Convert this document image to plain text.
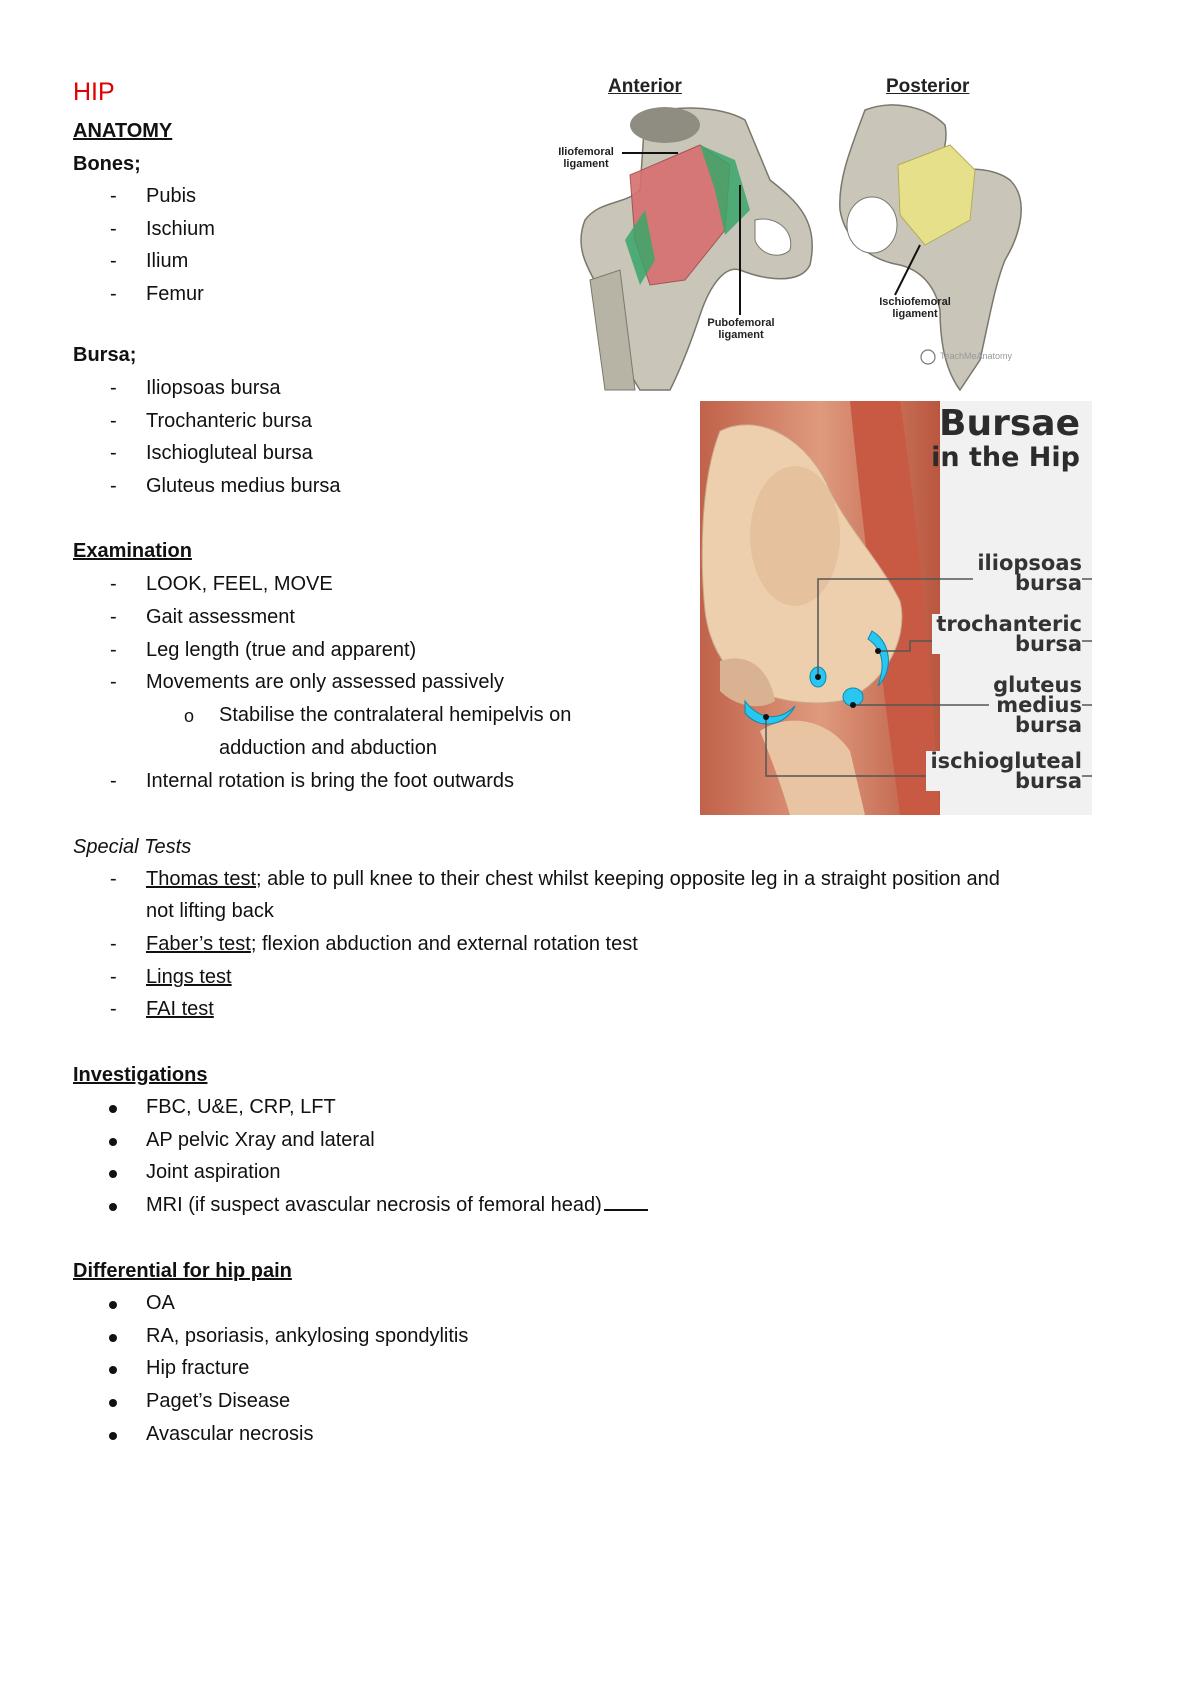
HIP
ANATOMY
Bones;
- Pubis
- Ischium
- Ilium
- Femur
Bursa;
- Iliopsoas bursa
- Trochanteric bursa
- Ischiogluteal bursa
- Gluteus medius bursa
Examination
- LOOK, FEEL, MOVE
- Gait assessment
- Leg length (true and apparent)
- Movements are only assessed passively
o Stabilise the contralateral hemipelvis on
adduction and abduction
- Internal rotation is bring the foot outwards
Special Tests
- Thomas test; able to pull knee to their chest whilst keeping opposite leg in a straight position and
not lifting back
- Faber’s test; flexion abduction and external rotation test
- Lings test
- FAI test
Investigations
FBC, U&E, CRP, LFT
AP pelvic Xray and lateral
Joint aspiration
MRI (if suspect avascular necrosis of femoral head)
Differential for hip pain
OA
RA, psoriasis, ankylosing spondylitis
Hip fracture
Paget’s Disease
Avascular necrosis
Anterior	Posterior
Iliofemoral
ligament
Pubofemoral
ligament
Ischiofemoral
ligament
TeachMeAnatomy
Bursae
in the Hip
iliopsoas
bursa
trochanteric
bursa
gluteus
medius
bursa
ischiogluteal
bursa
